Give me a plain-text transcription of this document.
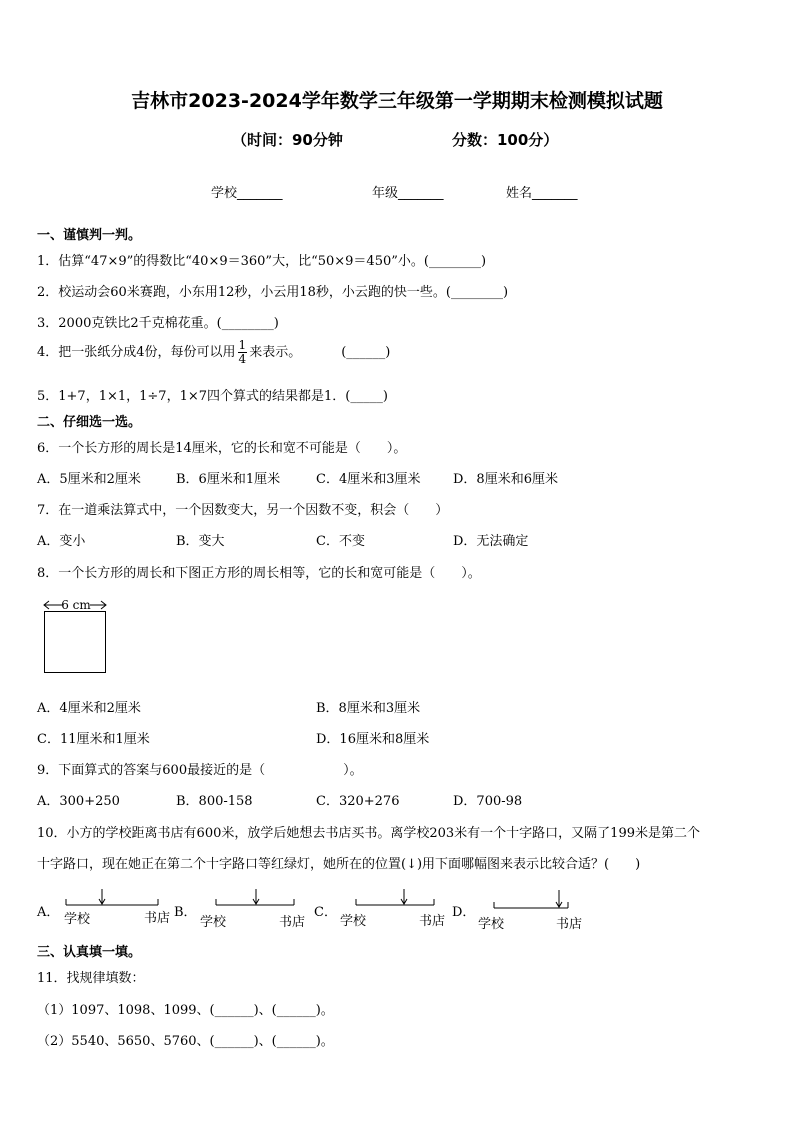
吉林市2023-2024学年数学三年级第一学期期末检测模拟试题
（时间：90分钟	分数：100分）
学校_______	年级_______	姓名_______
一、谨慎判一判。
1．估算“47×9”的得数比“40×9＝360”大，比“50×9＝450”小。(________)
2．校运动会60米赛跑，小东用12秒，小云用18秒，小云跑的快一些。(________)
3．2000克铁比2千克棉花重。(________)
4．把一张纸分成4份，每份可以用 $\frac{1}{4}$ 来表示。	(______)
5．1+7，1×1，1÷7，1×7四个算式的结果都是1．(_____)
二、仔细选一选。
6．一个长方形的周长是14厘米，它的长和宽不可能是（　　）。
A．5厘米和2厘米	B．6厘米和1厘米	C．4厘米和3厘米	D．8厘米和6厘米
7．在一道乘法算式中，一个因数变大，另一个因数不变，积会（　　）
A．变小	B．变大	C．不变	D．无法确定
8．一个长方形的周长和下图正方形的周长相等，它的长和宽可能是（　　）。
6 cm
A．4厘米和2厘米	B．8厘米和3厘米
C．11厘米和1厘米	D．16厘米和8厘米
9．下面算式的答案与600最接近的是（　　　　　　）。
A．300+250	B．800-158	C．320+276	D．700-98
10．小方的学校距离书店有600米，放学后她想去书店买书。离学校203米有一个十字路口，又隔了199米是第二个
十字路口，现在她正在第二个十字路口等红绿灯，她所在的位置(↓)用下面哪幅图来表示比较合适？(　　)
A． 学校	书店 B．
学校	书店
C．
学校	书店
D．
学校	书店
三、认真填一填。
11．找规律填数：
（1）1097、1098、1099、(______)、(______)。
（2）5540、5650、5760、(______)、(______)。
